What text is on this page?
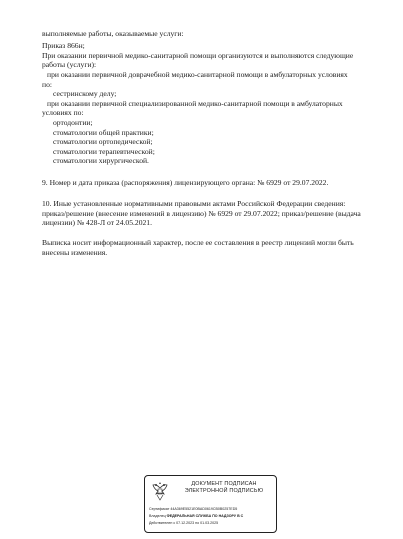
выполняемые работы, оказываемые услуги:
Приказ 866н;
При оказании первичной медико-санитарной помощи организуются и выполняются следующие
работы (услуги):
при оказании первичной доврачебной медико-санитарной помощи в амбулаторных условиях
по:
сестринскому делу;
при оказании первичной специализированной медико-санитарной помощи в амбулаторных
условиях по:
ортодонтии;
стоматологии общей практики;
стоматологии ортопедической;
стоматологии терапевтической;
стоматологии хирургической.
9. Номер и дата приказа (распоряжения) лицензирующего органа: № 6929 от 29.07.2022.
10. Иные установленные нормативными правовыми актами Российской Федерации сведения:
приказ/решение (внесение изменений в лицензию) № 6929 от 29.07.2022; приказ/решение (выдача
лицензии) № 428-Л от 24.05.2021.
Выписка носит информационный характер, после ее составления в реестр лицензий могли быть
внесены изменения.
ДОКУМЕНТ ПОДПИСАН
ЭЛЕКТРОННОЙ ПОДПИСЬЮ
Сертификат 44A369E5521E0BAD0619CB0B0257ED5
Владелец ФЕДЕРАЛЬНАЯ СЛУЖБА ПО НАДЗОРУ В С
Действителен с 07.12.2023 по 01.03.2025
